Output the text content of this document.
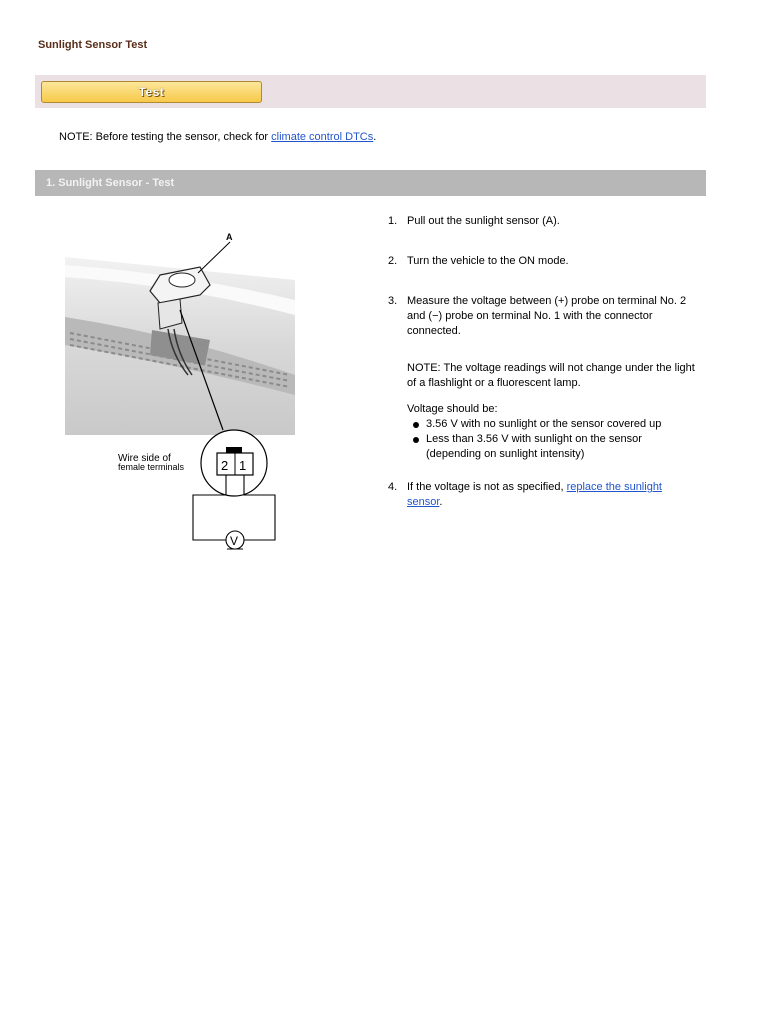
Sunlight Sensor Test
Test
NOTE: Before testing the sensor, check for climate control DTCs.
1. Sunlight Sensor - Test
A
2 1
Wire side of
female terminals
V
1. Pull out the sunlight sensor (A).
2. Turn the vehicle to the ON mode.
3. Measure the voltage between (+) probe on terminal No. 2
and (−) probe on terminal No. 1 with the connector
connected.
NOTE: The voltage readings will not change under the light
of a flashlight or a fluorescent lamp.
Voltage should be:
3.56 V with no sunlight or the sensor covered up
Less than 3.56 V with sunlight on the sensor
(depending on sunlight intensity)
4. If the voltage is not as specified, replace the sunlight
sensor.
